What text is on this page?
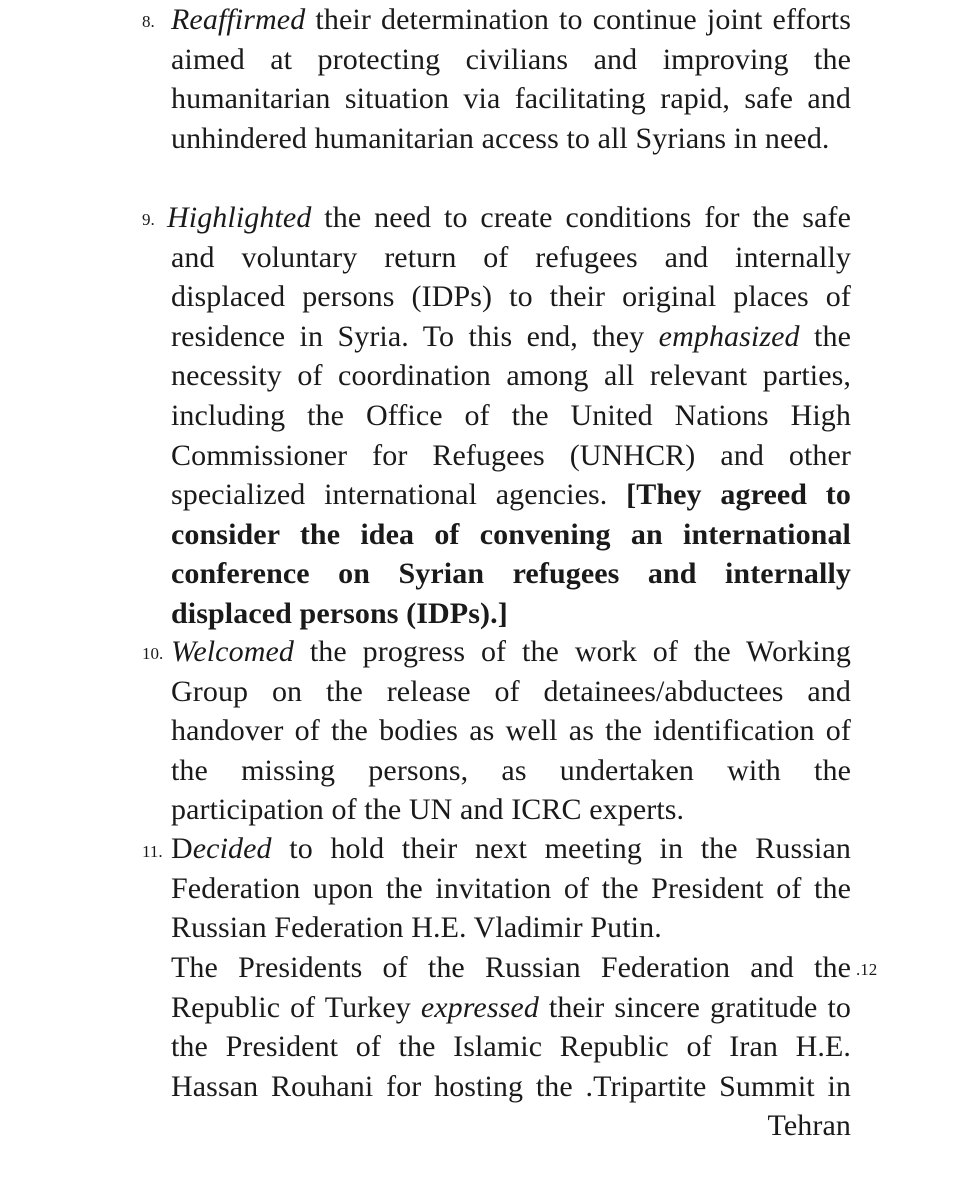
8. Reaffirmed their determination to continue joint efforts aimed at protecting civilians and improving the humanitarian situation via facilitating rapid, safe and unhindered humanitarian access to all Syrians in need.
9. Highlighted the need to create conditions for the safe and voluntary return of refugees and internally displaced persons (IDPs) to their original places of residence in Syria. To this end, they emphasized the necessity of coordination among all relevant parties, including the Office of the United Nations High Commissioner for Refugees (UNHCR) and other specialized international agencies. [They agreed to consider the idea of convening an international conference on Syrian refugees and internally displaced persons (IDPs).]
10. Welcomed the progress of the work of the Working Group on the release of detainees/abductees and handover of the bodies as well as the identification of the missing persons, as undertaken with the participation of the UN and ICRC experts.
11. Decided to hold their next meeting in the Russian Federation upon the invitation of the President of the Russian Federation H.E. Vladimir Putin.
.12
The Presidents of the Russian Federation and the Republic of Turkey expressed their sincere gratitude to the President of the Islamic Republic of Iran H.E. Hassan Rouhani for hosting the .Tripartite Summit in Tehran
